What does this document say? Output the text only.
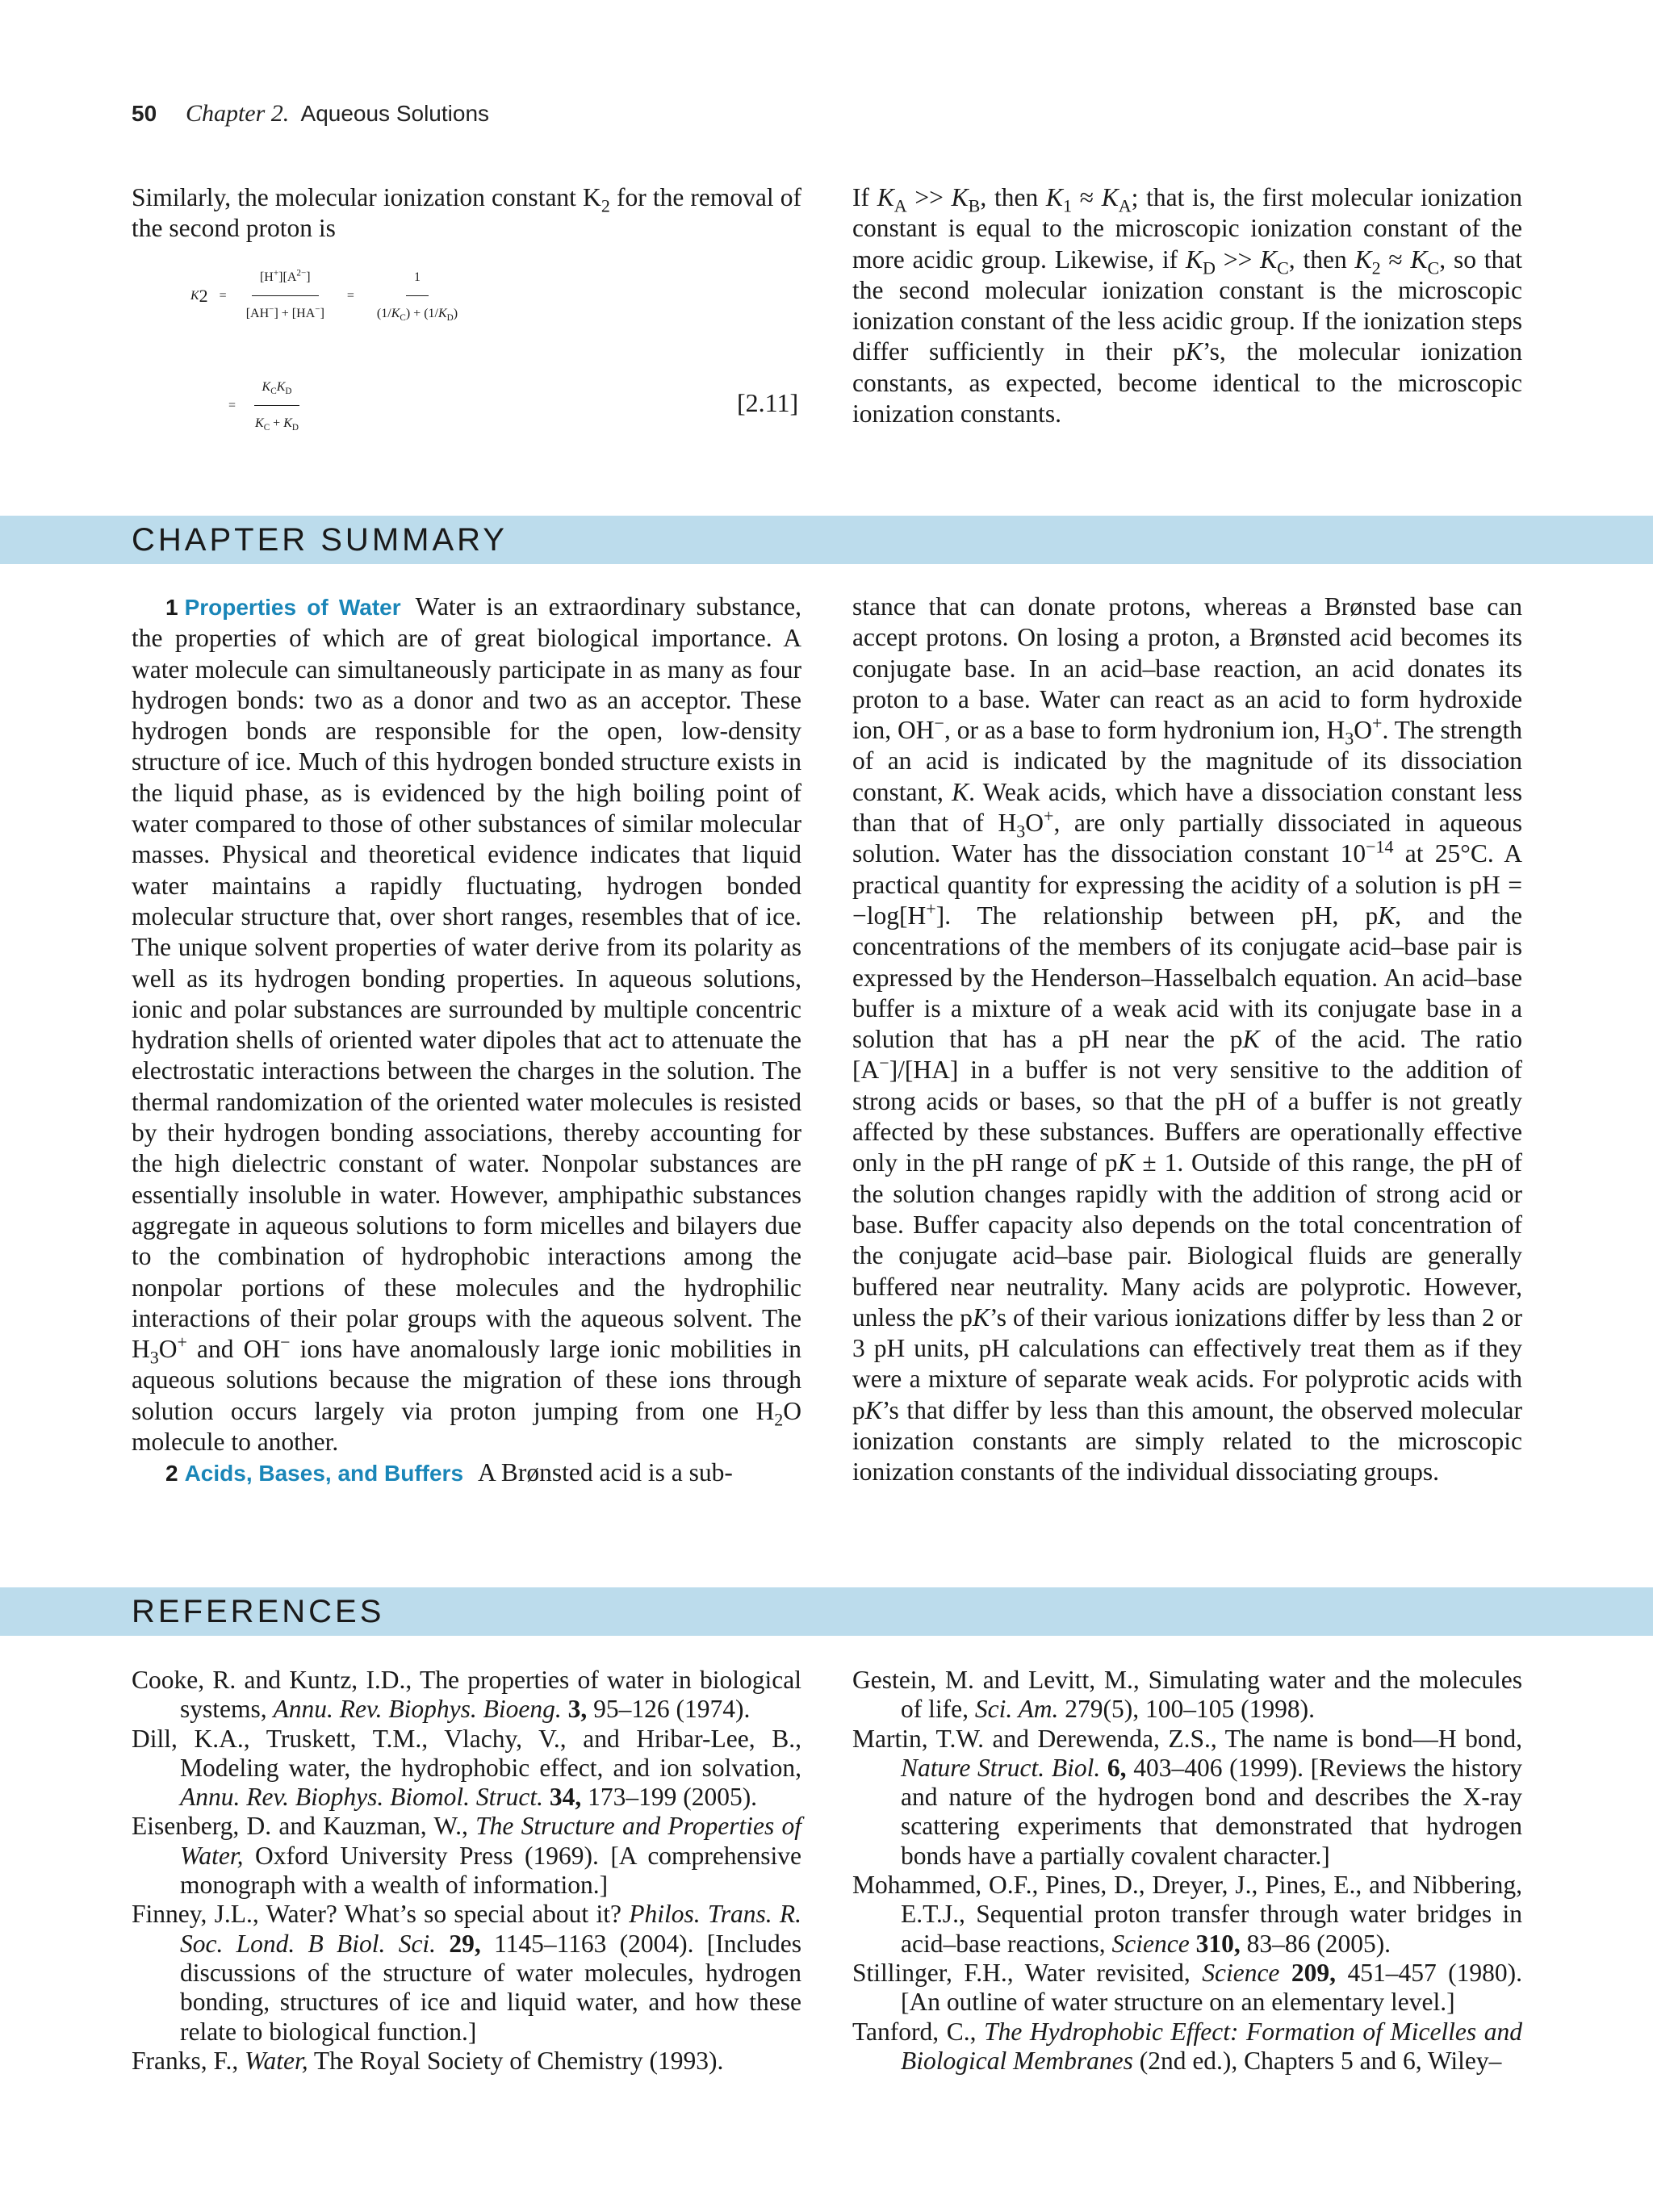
50 Chapter 2. Aqueous Solutions
Similarly, the molecular ionization constant $K_2$ for the removal of the second proton is
K $2 = \frac{[H^+][A^{2-}]}{[AH^-] + [HA^-]} = \frac{1}{(1/K_C) + (1/K_D)}$
= $\frac{K_CK_D}{K_C + K_D}$	[2.11]
If $K_A >> K_B$, then $K_1 \approx K_A$; that is, the first molecular ionization constant is equal to the microscopic ionization constant of the more acidic group. Likewise, if $K_D >> K_C$, then $K_2 \approx K_C$, so that the second molecular ionization constant is the microscopic ionization constant of the less acidic group. If the ionization steps differ sufficiently in their pK’s, the molecular ionization constants, as expected, become identical to the microscopic ionization constants.
CHAPTER SUMMARY
1 Properties of Water Water is an extraordinary substance, the properties of which are of great biological importance. A water molecule can simultaneously participate in as many as four hydrogen bonds: two as a donor and two as an acceptor. These hydrogen bonds are responsible for the open, low-density structure of ice. Much of this hydrogen bonded structure exists in the liquid phase, as is evidenced by the high boiling point of water compared to those of other substances of similar molecular masses. Physical and theoretical evidence indicates that liquid water maintains a rapidly fluctuating, hydrogen bonded molecular structure that, over short ranges, resembles that of ice. The unique solvent properties of water derive from its polarity as well as its hydrogen bonding properties. In aqueous solutions, ionic and polar substances are surrounded by multiple concentric hydration shells of oriented water dipoles that act to attenuate the electrostatic interactions between the charges in the solution. The thermal randomization of the oriented water molecules is resisted by their hydrogen bonding associations, thereby accounting for the high dielectric constant of water. Nonpolar substances are essentially insoluble in water. However, amphipathic substances aggregate in aqueous solutions to form micelles and bilayers due to the combination of hydrophobic interactions among the nonpolar portions of these molecules and the hydrophilic interactions of their polar groups with the aqueous solvent. The $H_3O^+$ and OH− ions have anomalously large ionic mobilities in aqueous solutions because the migration of these ions through solution occurs largely via proton jumping from one $H_2O$ molecule to another.
2 Acids, Bases, and Buffers A Brønsted acid is a sub-
stance that can donate protons, whereas a Brønsted base can accept protons. On losing a proton, a Brønsted acid becomes its conjugate base. In an acid–base reaction, an acid donates its proton to a base. Water can react as an acid to form hydroxide ion, OH−, or as a base to form hydronium ion, $H_3O^+$. The strength of an acid is indicated by the magnitude of its dissociation constant, K. Weak acids, which have a dissociation constant less than that of $H_3O^+$, are only partially dissociated in aqueous solution. Water has the dissociation constant $10^{-14}$ at 25°C. A practical quantity for expressing the acidity of a solution is pH = −log[H+]. The relationship between pH, pK, and the concentrations of the members of its conjugate acid–base pair is expressed by the Henderson–Hasselbalch equation. An acid–base buffer is a mixture of a weak acid with its conjugate base in a solution that has a pH near the pK of the acid. The ratio [A−]/[HA] in a buffer is not very sensitive to the addition of strong acids or bases, so that the pH of a buffer is not greatly affected by these substances. Buffers are operationally effective only in the pH range of pK ± 1. Outside of this range, the pH of the solution changes rapidly with the addition of strong acid or base. Buffer capacity also depends on the total concentration of the conjugate acid–base pair. Biological fluids are generally buffered near neutrality. Many acids are polyprotic. However, unless the pK’s of their various ionizations differ by less than 2 or 3 pH units, pH calculations can effectively treat them as if they were a mixture of separate weak acids. For polyprotic acids with pK’s that differ by less than this amount, the observed molecular ionization constants are simply related to the microscopic ionization constants of the individual dissociating groups.
REFERENCES
Cooke, R. and Kuntz, I.D., The properties of water in biological systems, Annu. Rev. Biophys. Bioeng. 3, 95–126 (1974).
Dill, K.A., Truskett, T.M., Vlachy, V., and Hribar-Lee, B., Modeling water, the hydrophobic effect, and ion solvation, Annu. Rev. Biophys. Biomol. Struct. 34, 173–199 (2005).
Eisenberg, D. and Kauzman, W., The Structure and Properties of Water, Oxford University Press (1969). [A comprehensive monograph with a wealth of information.]
Finney, J.L., Water? What’s so special about it? Philos. Trans. R. Soc. Lond. B Biol. Sci. 29, 1145–1163 (2004). [Includes discussions of the structure of water molecules, hydrogen bonding, structures of ice and liquid water, and how these relate to biological function.]
Franks, F., Water, The Royal Society of Chemistry (1993).
Gestein, M. and Levitt, M., Simulating water and the molecules of life, Sci. Am. 279(5), 100–105 (1998).
Martin, T.W. and Derewenda, Z.S., The name is bond—H bond, Nature Struct. Biol. 6, 403–406 (1999). [Reviews the history and nature of the hydrogen bond and describes the X-ray scattering experiments that demonstrated that hydrogen bonds have a partially covalent character.]
Mohammed, O.F., Pines, D., Dreyer, J., Pines, E., and Nibbering, E.T.J., Sequential proton transfer through water bridges in acid–base reactions, Science 310, 83–86 (2005).
Stillinger, F.H., Water revisited, Science 209, 451–457 (1980). [An outline of water structure on an elementary level.]
Tanford, C., The Hydrophobic Effect: Formation of Micelles and Biological Membranes (2nd ed.), Chapters 5 and 6, Wiley–
